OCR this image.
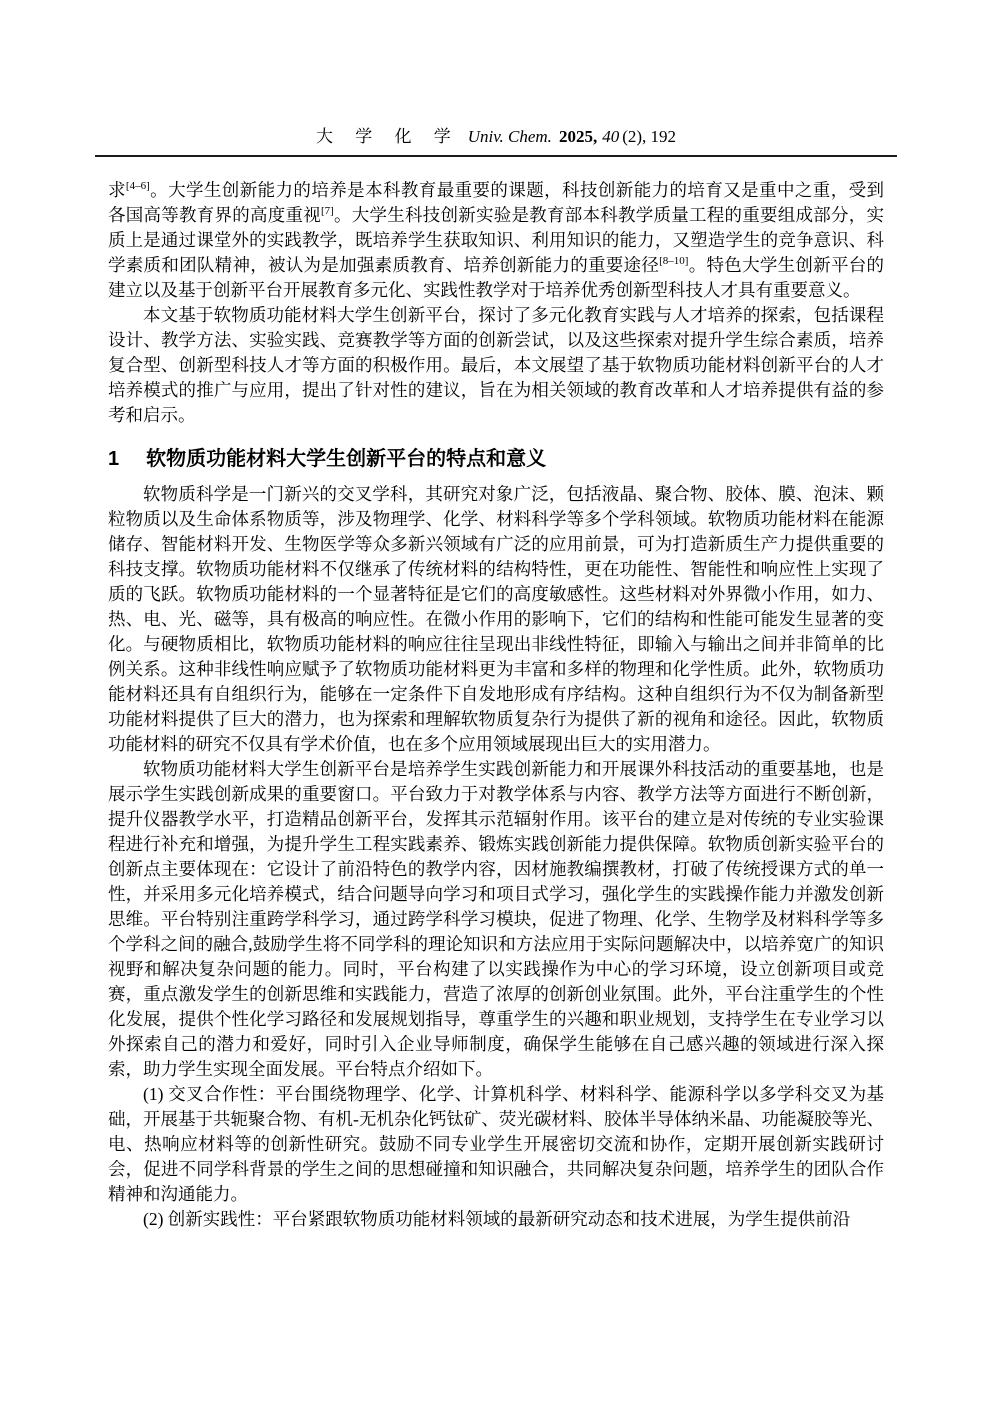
大 学 化 学 Univ. Chem. 2025, 40 (2), 192

求[4–6]。大学生创新能力的培养是本科教育最重要的课题，科技创新能力的培育又是重中之重，受到各国高等教育界的高度重视[7]。大学生科技创新实验是教育部本科教学质量工程的重要组成部分，实质上是通过课堂外的实践教学，既培养学生获取知识、利用知识的能力，又塑造学生的竞争意识、科学素质和团队精神，被认为是加强素质教育、培养创新能力的重要途径[8–10]。特色大学生创新平台的建立以及基于创新平台开展教育多元化、实践性教学对于培养优秀创新型科技人才具有重要意义。

本文基于软物质功能材料大学生创新平台，探讨了多元化教育实践与人才培养的探索，包括课程设计、教学方法、实验实践、竞赛教学等方面的创新尝试，以及这些探索对提升学生综合素质，培养复合型、创新型科技人才等方面的积极作用。最后，本文展望了基于软物质功能材料创新平台的人才培养模式的推广与应用，提出了针对性的建议，旨在为相关领域的教育改革和人才培养提供有益的参考和启示。

1 软物质功能材料大学生创新平台的特点和意义

软物质科学是一门新兴的交叉学科，其研究对象广泛，包括液晶、聚合物、胶体、膜、泡沫、颗粒物质以及生命体系物质等，涉及物理学、化学、材料科学等多个学科领域。软物质功能材料在能源储存、智能材料开发、生物医学等众多新兴领域有广泛的应用前景，可为打造新质生产力提供重要的科技支撑。软物质功能材料不仅继承了传统材料的结构特性，更在功能性、智能性和响应性上实现了质的飞跃。软物质功能材料的一个显著特征是它们的高度敏感性。这些材料对外界微小作用，如力、热、电、光、磁等，具有极高的响应性。在微小作用的影响下，它们的结构和性能可能发生显著的变化。与硬物质相比，软物质功能材料的响应往往呈现出非线性特征，即输入与输出之间并非简单的比例关系。这种非线性响应赋予了软物质功能材料更为丰富和多样的物理和化学性质。此外，软物质功能材料还具有自组织行为，能够在一定条件下自发地形成有序结构。这种自组织行为不仅为制备新型功能材料提供了巨大的潜力，也为探索和理解软物质复杂行为提供了新的视角和途径。因此，软物质功能材料的研究不仅具有学术价值，也在多个应用领域展现出巨大的实用潜力。

软物质功能材料大学生创新平台是培养学生实践创新能力和开展课外科技活动的重要基地，也是展示学生实践创新成果的重要窗口。平台致力于对教学体系与内容、教学方法等方面进行不断创新，提升仪器教学水平，打造精品创新平台，发挥其示范辐射作用。该平台的建立是对传统的专业实验课程进行补充和增强，为提升学生工程实践素养、锻炼实践创新能力提供保障。软物质创新实验平台的创新点主要体现在：它设计了前沿特色的教学内容，因材施教编撰教材，打破了传统授课方式的单一性，并采用多元化培养模式，结合问题导向学习和项目式学习，强化学生的实践操作能力并激发创新思维。平台特别注重跨学科学习，通过跨学科学习模块，促进了物理、化学、生物学及材料科学等多个学科之间的融合,鼓励学生将不同学科的理论知识和方法应用于实际问题解决中，以培养宽广的知识视野和解决复杂问题的能力。同时，平台构建了以实践操作为中心的学习环境，设立创新项目或竞赛，重点激发学生的创新思维和实践能力，营造了浓厚的创新创业氛围。此外，平台注重学生的个性化发展，提供个性化学习路径和发展规划指导，尊重学生的兴趣和职业规划，支持学生在专业学习以外探索自己的潜力和爱好，同时引入企业导师制度，确保学生能够在自己感兴趣的领域进行深入探索，助力学生实现全面发展。平台特点介绍如下。

(1) 交叉合作性：平台围绕物理学、化学、计算机科学、材料科学、能源科学以多学科交叉为基础，开展基于共轭聚合物、有机-无机杂化钙钛矿、荧光碳材料、胶体半导体纳米晶、功能凝胶等光、电、热响应材料等的创新性研究。鼓励不同专业学生开展密切交流和协作，定期开展创新实践研讨会，促进不同学科背景的学生之间的思想碰撞和知识融合，共同解决复杂问题，培养学生的团队合作精神和沟通能力。

(2) 创新实践性：平台紧跟软物质功能材料领域的最新研究动态和技术进展，为学生提供前沿
